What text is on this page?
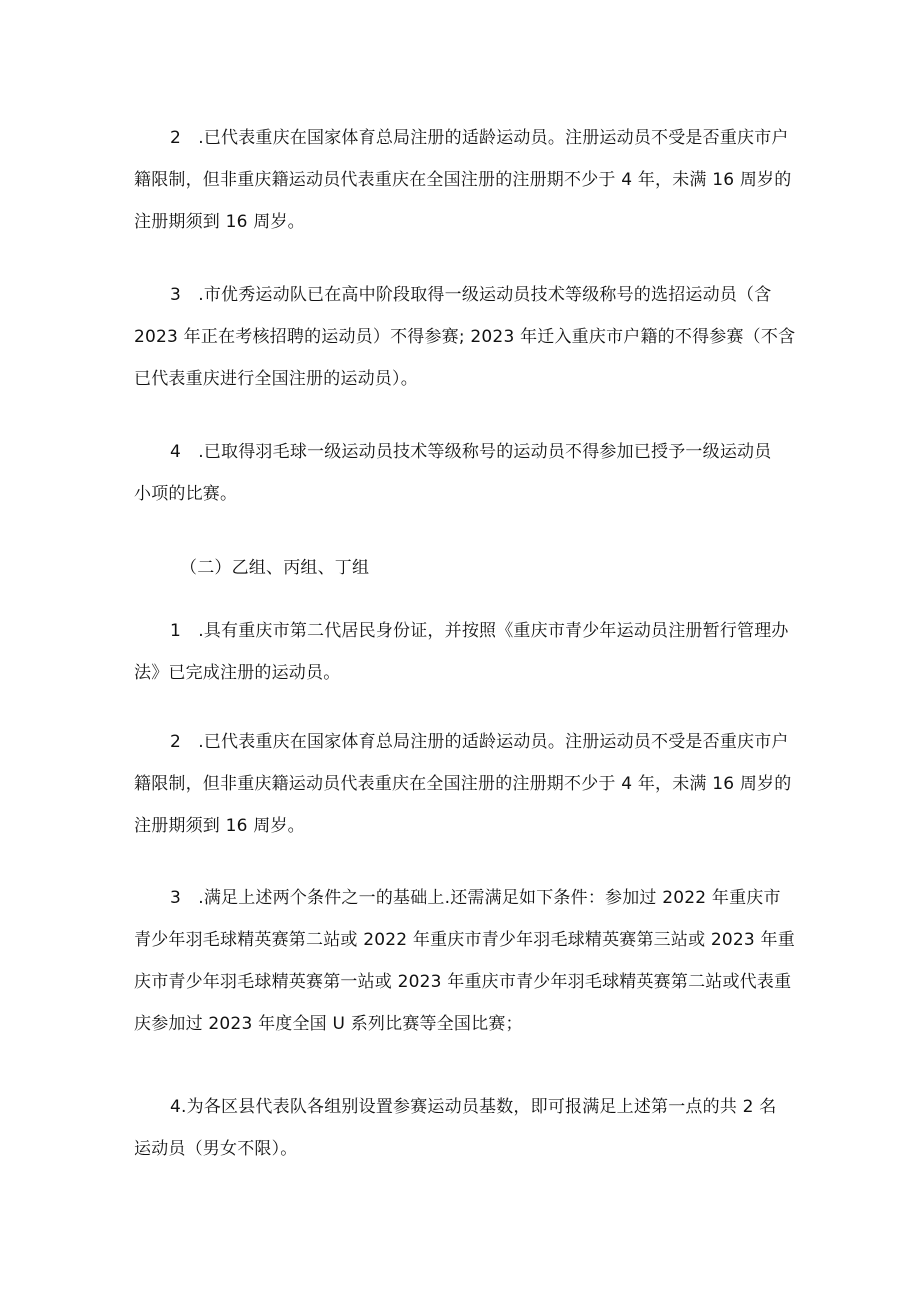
2　.已代表重庆在国家体育总局注册的适龄运动员。注册运动员不受是否重庆市户
籍限制，但非重庆籍运动员代表重庆在全国注册的注册期不少于 4 年，未满 16 周岁的
注册期须到 16 周岁。
3　.市优秀运动队已在高中阶段取得一级运动员技术等级称号的选招运动员（含
2023 年正在考核招聘的运动员）不得参赛; 2023 年迁入重庆市户籍的不得参赛（不含
已代表重庆进行全国注册的运动员）。
4　.已取得羽毛球一级运动员技术等级称号的运动员不得参加已授予一级运动员
小项的比赛。
（二）乙组、丙组、丁组
1　.具有重庆市第二代居民身份证，并按照《重庆市青少年运动员注册暂行管理办
法》已完成注册的运动员。
2　.已代表重庆在国家体育总局注册的适龄运动员。注册运动员不受是否重庆市户
籍限制，但非重庆籍运动员代表重庆在全国注册的注册期不少于 4 年，未满 16 周岁的
注册期须到 16 周岁。
3　.满足上述两个条件之一的基础上.还需满足如下条件：参加过 2022 年重庆市
青少年羽毛球精英赛第二站或 2022 年重庆市青少年羽毛球精英赛第三站或 2023 年重
庆市青少年羽毛球精英赛第一站或 2023 年重庆市青少年羽毛球精英赛第二站或代表重
庆参加过 2023 年度全国 U 系列比赛等全国比赛；
4.为各区县代表队各组别设置参赛运动员基数，即可报满足上述第一点的共 2 名
运动员（男女不限）。
